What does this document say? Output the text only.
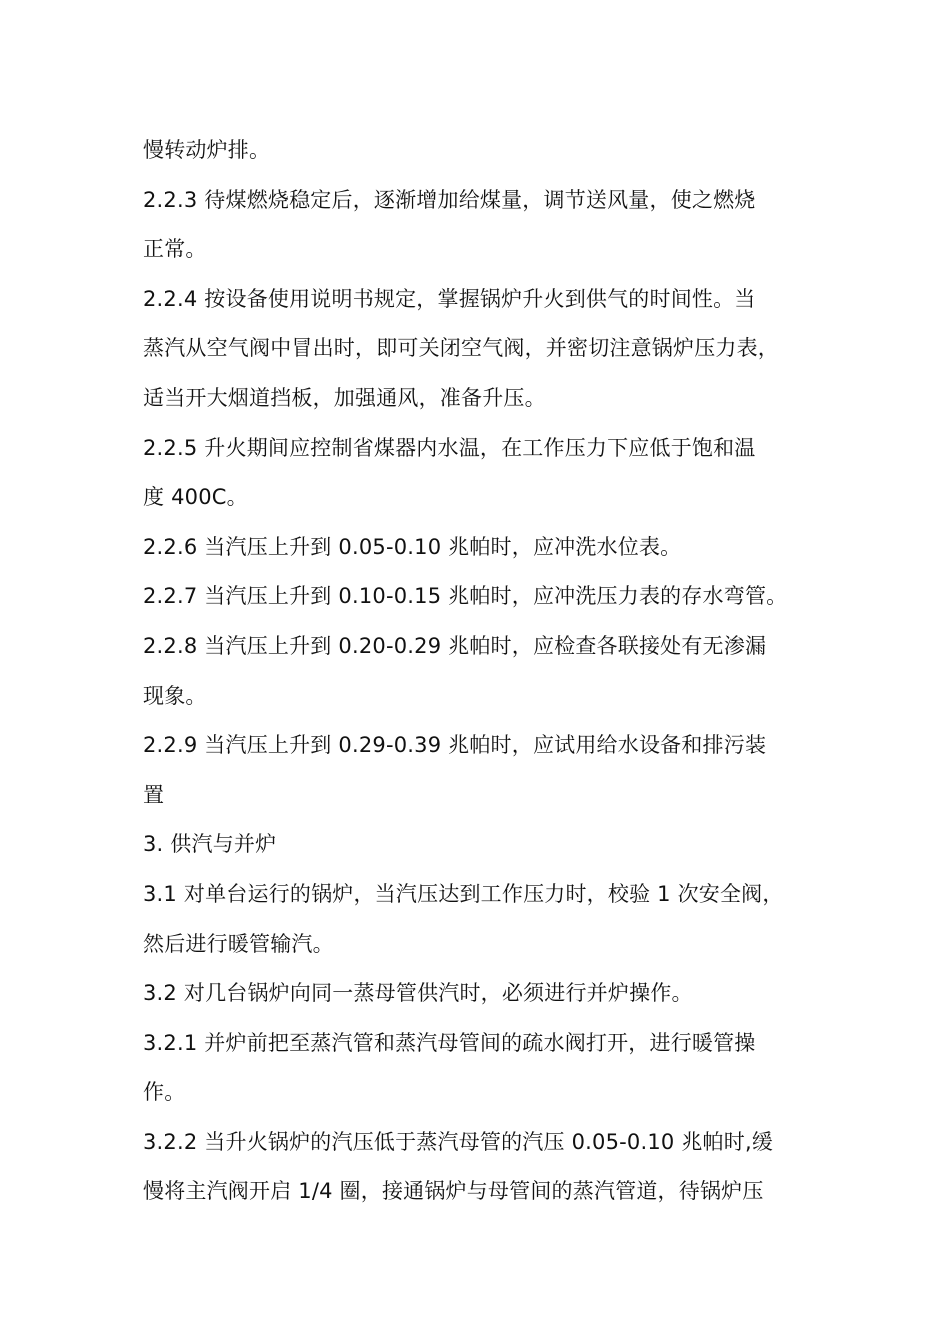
慢转动炉排。
2.2.3 待煤燃烧稳定后，逐渐增加给煤量，调节送风量，使之燃烧
正常。
2.2.4 按设备使用说明书规定，掌握锅炉升火到供气的时间性。当
蒸汽从空气阀中冒出时，即可关闭空气阀，并密切注意锅炉压力表，
适当开大烟道挡板，加强通风，准备升压。
2.2.5 升火期间应控制省煤器内水温，在工作压力下应低于饱和温
度 400C。
2.2.6 当汽压上升到 0.05-0.10 兆帕时，应冲洗水位表。
2.2.7 当汽压上升到 0.10-0.15 兆帕时，应冲洗压力表的存水弯管。
2.2.8 当汽压上升到 0.20-0.29 兆帕时，应检查各联接处有无渗漏
现象。
2.2.9 当汽压上升到 0.29-0.39 兆帕时，应试用给水设备和排污装
置
3. 供汽与并炉
3.1 对单台运行的锅炉，当汽压达到工作压力时，校验 1 次安全阀，
然后进行暖管输汽。
3.2 对几台锅炉向同一蒸母管供汽时，必须进行并炉操作。
3.2.1 并炉前把至蒸汽管和蒸汽母管间的疏水阀打开，进行暖管操
作。
3.2.2 当升火锅炉的汽压低于蒸汽母管的汽压 0.05-0.10 兆帕时,缓
慢将主汽阀开启 1/4 圈，接通锅炉与母管间的蒸汽管道，待锅炉压
